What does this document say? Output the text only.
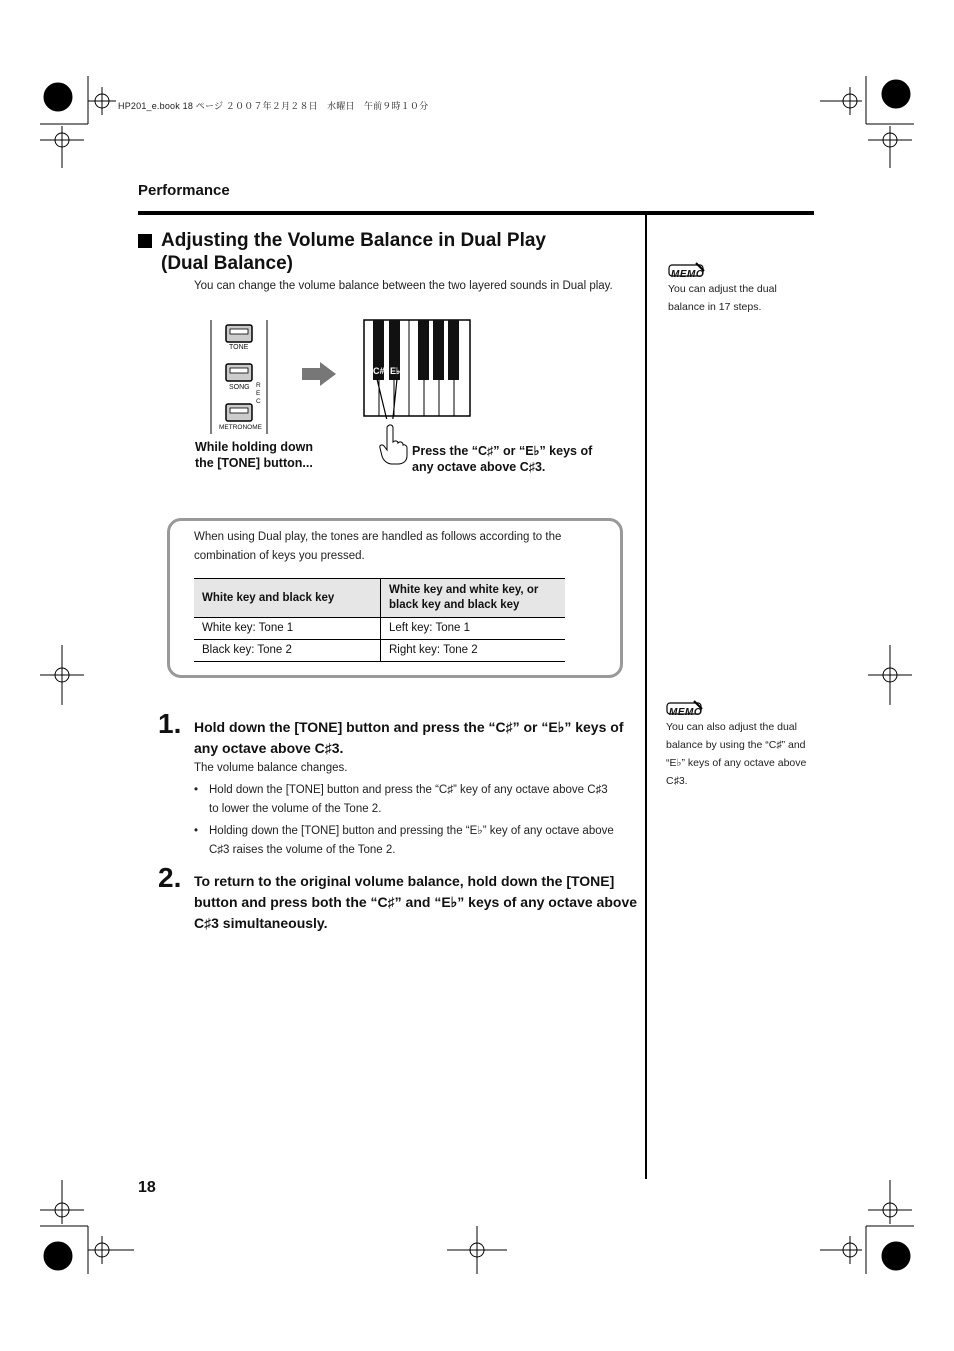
HP201_e.book 18 ページ ２００７年２月２８日　水曜日　午前９時１０分
Performance
Adjusting the Volume Balance in Dual Play
(Dual Balance)
You can change the volume balance between the two layered sounds in Dual play.
TONE
SONG
METRONOME
REC
C# E♭
While holding down
the [TONE] button...
Press the “C♯” or “E♭” keys of
any octave above C♯3.
When using Dual play, the tones are handled as follows according to the
combination of keys you pressed.
White key and black key	White key and white key, or
black key and black key

White key: Tone 1	Left key: Tone 1
Black key: Tone 2	Right key: Tone 2
1. Hold down the [TONE] button and press the “C♯” or “E♭” keys of
any octave above C♯3.
The volume balance changes.
• Hold down the [TONE] button and press the “C♯” key of any octave above C♯3
to lower the volume of the Tone 2.
• Holding down the [TONE] button and pressing the “E♭” key of any octave above
C♯3 raises the volume of the Tone 2.
2. To return to the original volume balance, hold down the [TONE]
button and press both the “C♯” and “E♭” keys of any octave above
C♯3 simultaneously.
MEMO
You can adjust the dual
balance in 17 steps.
MEMO
You can also adjust the dual
balance by using the “C♯” and
“E♭” keys of any octave above
C♯3.
18
